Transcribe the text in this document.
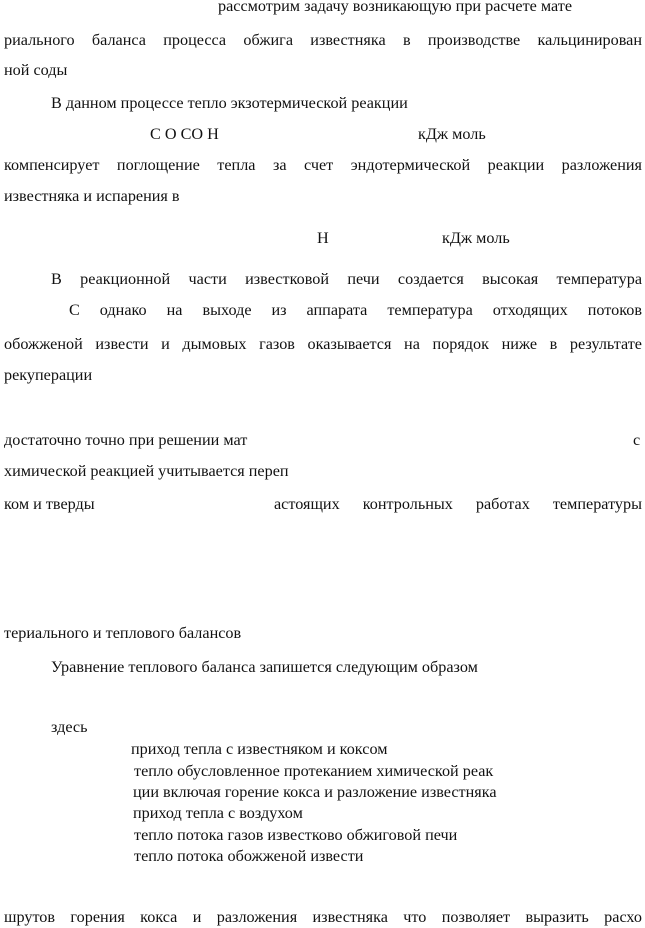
рассмотрим задачу возникающую при расчете мате
риального баланса процесса обжига известняка в производстве кальцинирован
ной соды
В данном процессе тепло экзотермической реакции
C O CO H	кДж моль
компенсирует поглощение тепла за счет эндотермической реакции разложения
известняка и испарения в
H	кДж моль
В реакционной части известковой печи создается высокая температура
С однако на выходе из аппарата температура отходящих потоков
обожженой извести и дымовых газов оказывается на порядок ниже в результате
рекуперации
достаточно точно при решении мат	с
химической реакцией учитывается переп
ком и тверды	астоящих контрольных работах температуры
териального и теплового балансов
Уравнение теплового баланса запишется следующим образом
здесь
приход тепла с известняком и коксом
тепло обусловленное протеканием химической реак
ции включая горение кокса и разложение известняка
приход тепла с воздухом
тепло потока газов известково обжиговой печи
тепло потока обожженой извести
шрутов горения кокса и разложения известняка что позволяет выразить расхо
